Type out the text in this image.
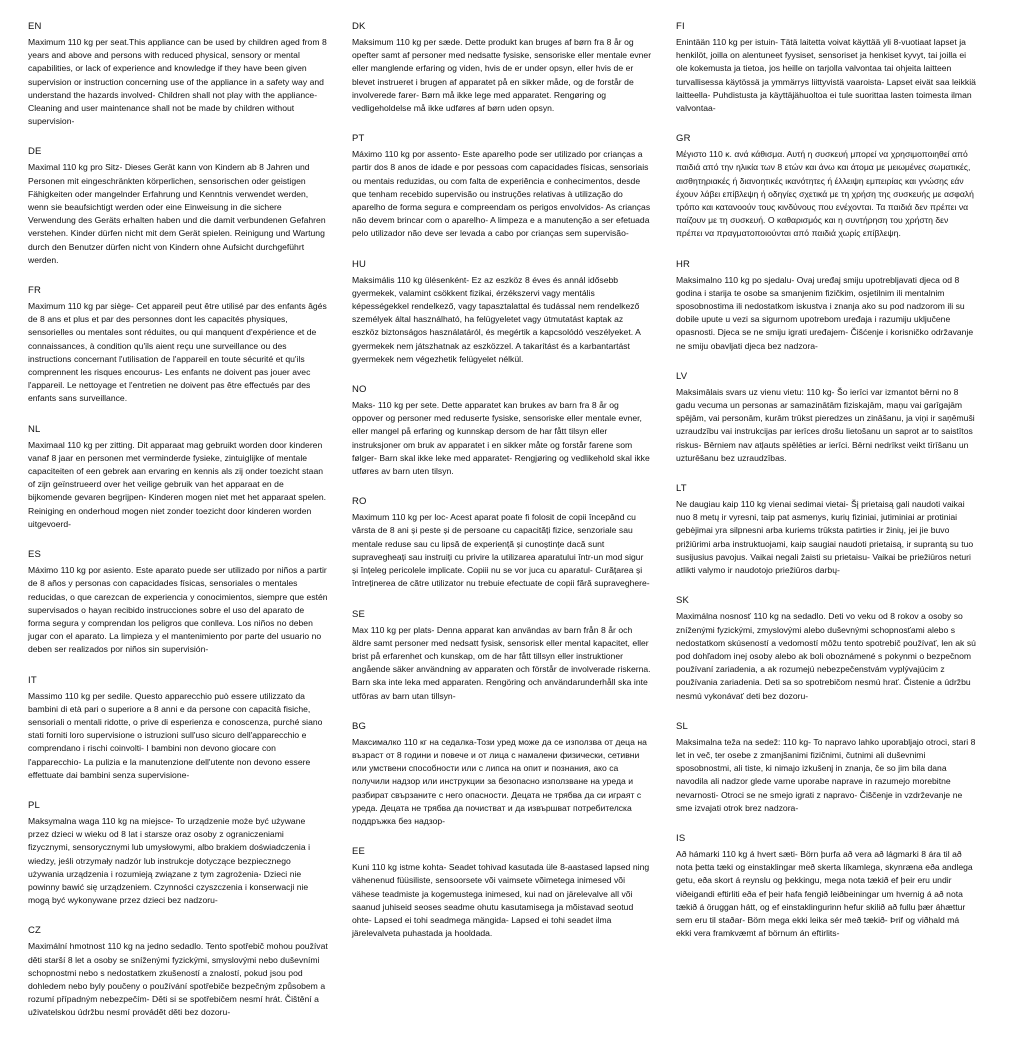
EN
Maximum 110 kg per seat.This appliance can be used by children aged from 8 years and above and persons with reduced physical, sensory or mental capabilities, or lack of experience and knowledge if they have been given supervision or instruction concerning use of the appliance in a safety way and understand the hazards involved- Children shall not play with the appliance- Cleaning and user maintenance shall not be made by children without supervision-
DE
Maximal 110 kg pro Sitz- Dieses Gerät kann von Kindern ab 8 Jahren und Personen mit eingeschränkten körperlichen, sensorischen oder geistigen Fähigkeiten oder mangelnder Erfahrung und Kenntnis verwendet werden, wenn sie beaufsichtigt werden oder eine Einweisung in die sichere Verwendung des Geräts erhalten haben und die damit verbundenen Gefahren verstehen. Kinder dürfen nicht mit dem Gerät spielen. Reinigung und Wartung durch den Benutzer dürfen nicht von Kindern ohne Aufsicht durchgeführt werden.
FR
Maximum 110 kg par siège- Cet appareil peut être utilisé par des enfants âgés de 8 ans et plus et par des personnes dont les capacités physiques, sensorielles ou mentales sont réduites, ou qui manquent d'expérience et de connaissances, à condition qu'ils aient reçu une surveillance ou des instructions concernant l'utilisation de l'appareil en toute sécurité et qu'ils comprennent les risques encourus- Les enfants ne doivent pas jouer avec l'appareil. Le nettoyage et l'entretien ne doivent pas être effectués par des enfants sans surveillance.
NL
Maximaal 110 kg per zitting. Dit apparaat mag gebruikt worden door kinderen vanaf 8 jaar en personen met verminderde fysieke, zintuiglijke of mentale capaciteiten of een gebrek aan ervaring en kennis als zij onder toezicht staan of zijn geïnstrueerd over het veilige gebruik van het apparaat en de bijkomende gevaren begrijpen- Kinderen mogen niet met het apparaat spelen. Reiniging en onderhoud mogen niet zonder toezicht door kinderen worden uitgevoerd-
ES
Máximo 110 kg por asiento. Este aparato puede ser utilizado por niños a partir de 8 años y personas con capacidades físicas, sensoriales o mentales reducidas, o que carezcan de experiencia y conocimientos, siempre que estén supervisados o hayan recibido instrucciones sobre el uso del aparato de forma segura y comprendan los peligros que conlleva. Los niños no deben jugar con el aparato. La limpieza y el mantenimiento por parte del usuario no deben ser realizados por niños sin supervisión-
IT
Massimo 110 kg per sedile. Questo apparecchio può essere utilizzato da bambini di età pari o superiore a 8 anni e da persone con capacità fisiche, sensoriali o mentali ridotte, o prive di esperienza e conoscenza, purché siano stati forniti loro supervisione o istruzioni sull'uso sicuro dell'apparecchio e comprendano i rischi coinvolti- I bambini non devono giocare con l'apparecchio- La pulizia e la manutenzione dell'utente non devono essere effettuate dai bambini senza supervisione-
PL
Maksymalna waga 110 kg na miejsce- To urządzenie może być używane przez dzieci w wieku od 8 lat i starsze oraz osoby z ograniczeniami fizycznymi, sensorycznymi lub umysłowymi, albo brakiem doświadczenia i wiedzy, jeśli otrzymały nadzór lub instrukcje dotyczące bezpiecznego używania urządzenia i rozumieją związane z tym zagrożenia- Dzieci nie powinny bawić się urządzeniem. Czynności czyszczenia i konserwacji nie mogą być wykonywane przez dzieci bez nadzoru-
CZ
Maximální hmotnost 110 kg na jedno sedadlo. Tento spotřebič mohou používat děti starší 8 let a osoby se sníženými fyzickými, smyslovými nebo duševními schopnostmi nebo s nedostatkem zkušeností a znalostí, pokud jsou pod dohledem nebo byly poučeny o používání spotřebiče bezpečným způsobem a rozumí případným nebezpečím- Děti si se spotřebičem nesmí hrát. Čištění a uživatelskou údržbu nesmí provádět děti bez dozoru-
DK
Maksimum 110 kg per sæde. Dette produkt kan bruges af børn fra 8 år og opefter samt af personer med nedsatte fysiske, sensoriske eller mentale evner eller manglende erfaring og viden, hvis de er under opsyn, eller hvis de er blevet instrueret i brugen af apparatet på en sikker måde, og de forstår de involverede farer- Børn må ikke lege med apparatet. Rengøring og vedligeholdelse må ikke udføres af børn uden opsyn.
PT
Máximo 110 kg por assento- Este aparelho pode ser utilizado por crianças a partir dos 8 anos de idade e por pessoas com capacidades físicas, sensoriais ou mentais reduzidas, ou com falta de experiência e conhecimentos, desde que tenham recebido supervisão ou instruções relativas à utilização do aparelho de forma segura e compreendam os perigos envolvidos- As crianças não devem brincar com o aparelho- A limpeza e a manutenção a ser efetuada pelo utilizador não deve ser levada a cabo por crianças sem supervisão-
HU
Maksimális 110 kg ülésenként- Ez az eszköz 8 éves és annál idősebb gyermekek, valamint csökkent fizikai, érzékszervi vagy mentális képességekkel rendelkező, vagy tapasztalattal és tudással nem rendelkező személyek által használható, ha felügyeletet vagy útmutatást kaptak az eszköz biztonságos használatáról, és megértik a kapcsolódó veszélyeket. A gyermekek nem játszhatnak az eszközzel. A takarítást és a karbantartást gyermekek nem végezhetik felügyelet nélkül.
NO
Maks- 110 kg per sete. Dette apparatet kan brukes av barn fra 8 år og oppover og personer med reduserte fysiske, sensoriske eller mentale evner, eller mangel på erfaring og kunnskap dersom de har fått tilsyn eller instruksjoner om bruk av apparatet i en sikker måte og forstår farene som følger- Barn skal ikke leke med apparatet- Rengjøring og vedlikehold skal ikke utføres av barn uten tilsyn.
RO
Maximum 110 kg per loc- Acest aparat poate fi folosit de copii începând cu vârsta de 8 ani și peste și de persoane cu capacități fizice, senzoriale sau mentale reduse sau cu lipsă de experiență și cunoștințe dacă sunt supravegheați sau instruiți cu privire la utilizarea aparatului într-un mod sigur și înțeleg pericolele implicate. Copiii nu se vor juca cu aparatul- Curățarea și întreținerea de către utilizator nu trebuie efectuate de copii fără supraveghere-
SE
Max 110 kg per plats- Denna apparat kan användas av barn från 8 år och äldre samt personer med nedsatt fysisk, sensorisk eller mental kapacitet, eller brist på erfarenhet och kunskap, om de har fått tillsyn eller instruktioner angående säker användning av apparaten och förstår de involverade riskerna. Barn ska inte leka med apparaten. Rengöring och användarunderhåll ska inte utföras av barn utan tillsyn-
BG
Максималко 110 кг на седалка-Този уред може да се използва от деца на възраст от 8 години и повече и от лица с намалени физически, сетивни или умствени способности или с липса на опит и познания, ако са получили надзор или инструкции за безопасно използване на уреда и разбират свързаните с него опасности. Децата не трябва да си играят с уреда. Децата не трябва да почистват и да извършват потребителска поддръжка без надзор-
EE
Kuni 110 kg istme kohta- Seadet tohivad kasutada üle 8-aastased lapsed ning vähenenud füüsiliste, sensoorsete või vaimsete võimetega inimesed või vähese teadmiste ja kogemustega inimesed, kui nad on järelevalve all või saanud juhiseid seoses seadme ohutu kasutamisega ja mõistavad seotud ohte- Lapsed ei tohi seadmega mängida- Lapsed ei tohi seadet ilma järelevalveta puhastada ja hooldada.
FI
Enintään 110 kg per istuin- Tätä laitetta voivat käyttää yli 8-vuotiaat lapset ja henkilöt, joilla on alentuneet fyysiset, sensoriset ja henkiset kyvyt, tai joilla ei ole kokemusta ja tietoa, jos heille on tarjolla valvontaa tai ohjeita laitteen turvallisessa käytössä ja ymmärrys liittyvistä vaaroista- Lapset eivät saa leikkiä laitteella- Puhdistusta ja käyttäjähuoltoa ei tule suorittaa lasten toimesta ilman valvontaa-
GR
Μέγιστο 110 κ. ανά κάθισμα. Αυτή η συσκευή μπορεί να χρησιμοποιηθεί από παιδιά από την ηλικία των 8 ετών και άνω και άτομα με μειωμένες σωματικές, αισθητηριακές ή διανοητικές ικανότητες ή έλλειψη εμπειρίας και γνώσης εάν έχουν λάβει επίβλεψη ή οδηγίες σχετικά με τη χρήση της συσκευής με ασφαλή τρόπο και κατανοούν τους κινδύνους που ενέχονται. Τα παιδιά δεν πρέπει να παίζουν με τη συσκευή. Ο καθαρισμός και η συντήρηση του χρήστη δεν πρέπει να πραγματοποιούνται από παιδιά χωρίς επίβλεψη.
HR
Maksimalno 110 kg po sjedalu- Ovaj uređaj smiju upotrebljavati djeca od 8 godina i starija te osobe sa smanjenim fizičkim, osjetilnim ili mentalnim sposobnostima ili nedostatkom iskustva i znanja ako su pod nadzorom ili su dobile upute u vezi sa sigurnom upotrebom uređaja i razumiju uključene opasnosti. Djeca se ne smiju igrati uređajem- Čišćenje i korisničko održavanje ne smiju obavljati djeca bez nadzora-
LV
Maksimālais svars uz vienu vietu: 110 kg- Šo ierīci var izmantot bērni no 8 gadu vecuma un personas ar samazinātām fiziskajām, maņu vai garīgajām spējām, vai personām, kurām trūkst pieredzes un zināšanu, ja viņi ir saņēmuši uzraudzību vai instrukcijas par ierīces drošu lietošanu un saprot ar to saistītos riskus- Bērniem nav atļauts spēlēties ar ierīci. Bērni nedrīkst veikt tīrīšanu un uzturēšanu bez uzraudzības.
LT
Ne daugiau kaip 110 kg vienai sedimai vietai- Šį prietaisą gali naudoti vaikai nuo 8 metų ir vyresni, taip pat asmenys, kurių fiziniai, jutiminiai ar protiniai gebėjimai yra silpnesni arba kuriems trūksta patirties ir žinių, jei jie buvo prižiūrimi arba instruktuojami, kaip saugiai naudoti prietaisą, ir suprantą su tuo susijusius pavojus. Vaikai negali žaisti su prietaisu- Vaikai be priežiūros neturi atlikti valymo ir naudotojo priežiūros darbų-
SK
Maximálna nosnosť 110 kg na sedadlo. Deti vo veku od 8 rokov a osoby so zníženými fyzickými, zmyslovými alebo duševnými schopnosťami alebo s nedostatkom skúseností a vedomostí môžu tento spotrebič používať, len ak sú pod dohľadom inej osoby alebo ak boli oboznámené s pokynmi o bezpečnom používaní zariadenia, a ak rozumejú nebezpečenstvám vyplývajúcim z používania zariadenia. Deti sa so spotrebičom nesmú hrať. Čistenie a údržbu nesmú vykonávať deti bez dozoru-
SL
Maksimalna teža na sedež: 110 kg- To napravo lahko uporabljajo otroci, stari 8 let in več, ter osebe z zmanjšanimi fizičnimi, čutnimi ali duševnimi sposobnostmi, ali tiste, ki nimajo izkušenj in znanja, če so jim bila dana navodila ali nadzor glede varne uporabe naprave in razumejo morebitne nevarnosti- Otroci se ne smejo igrati z napravo- Čiščenje in vzdrževanje ne sme izvajati otrok brez nadzora-
IS
Að hámarki 110 kg á hvert sæti- Börn þurfa að vera að lágmarki 8 ára til að nota þetta tæki og einstaklingar með skerta líkamlega, skynræna eða andlega getu, eða skort á reynslu og þekkingu, mega nota tækið ef þeir eru undir viðeigandi eftirliti eða ef þeir hafa fengið leiðbeiningar um hvernig á að nota tækið á öruggan hátt, og ef einstaklingurinn hefur skilið að fullu þær áhættur sem eru til staðar- Börn mega ekki leika sér með tækið- Þrif og viðhald má ekki vera framkvæmt af börnum án eftirlits-
